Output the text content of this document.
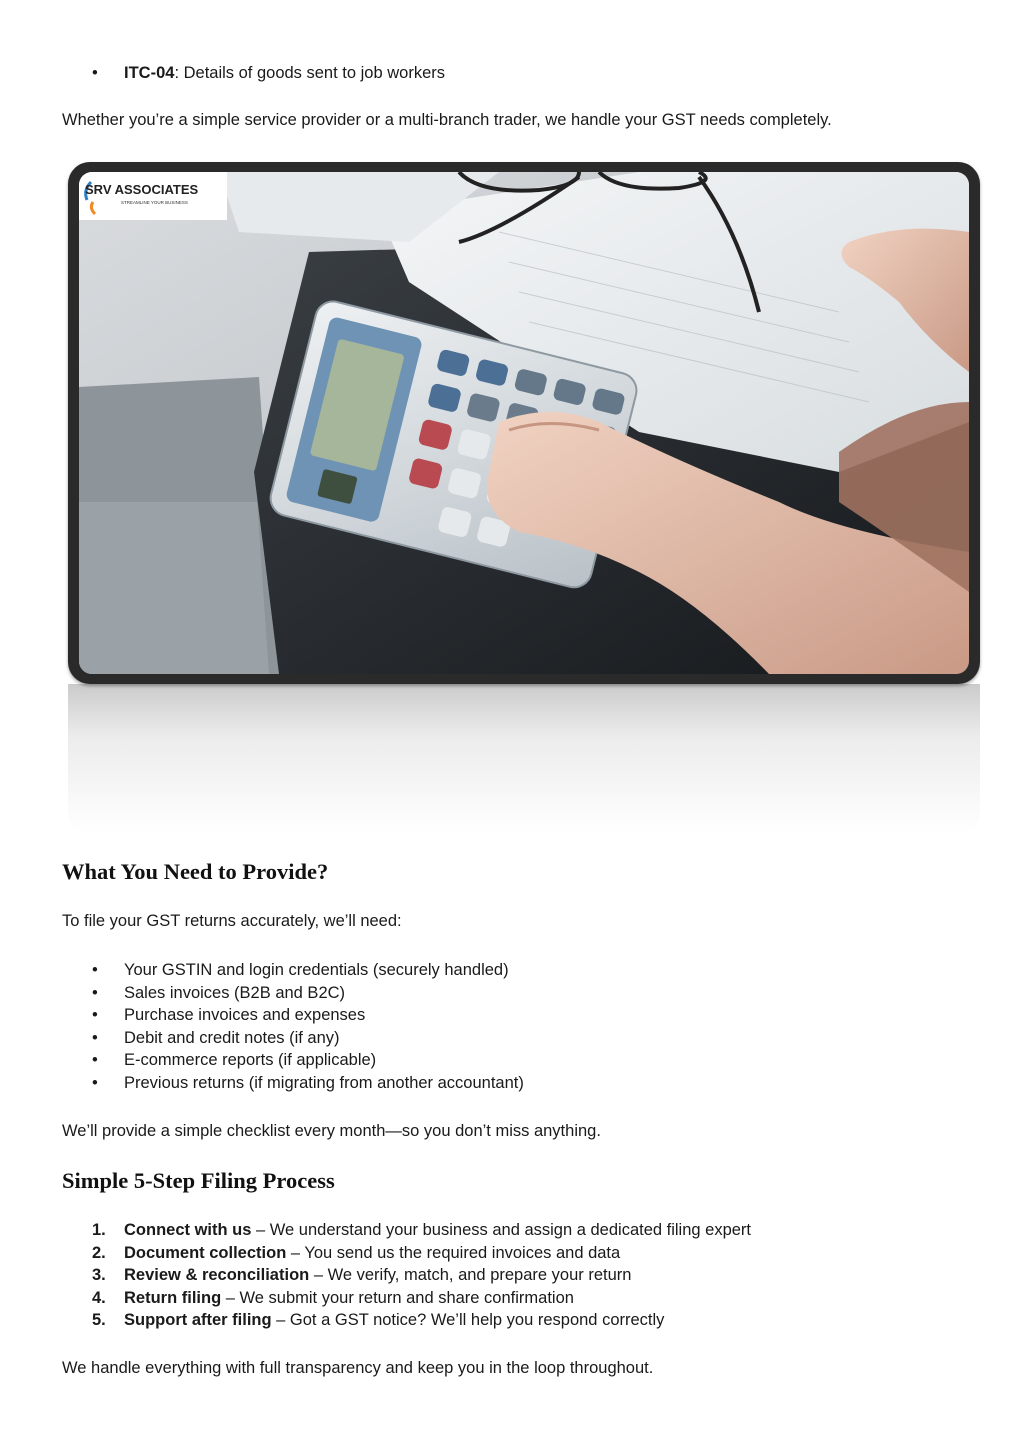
• ITC-04: Details of goods sent to job workers

Whether you’re a simple service provider or a multi-branch trader, we handle your GST needs completely.

SRV ASSOCIATES
STREAMLINE YOUR BUSINESS
What You Need to Provide?

To file your GST returns accurately, we’ll need:

• Your GSTIN and login credentials (securely handled)
• Sales invoices (B2B and B2C)
• Purchase invoices and expenses
• Debit and credit notes (if any)
• E-commerce reports (if applicable)
• Previous returns (if migrating from another accountant)

We’ll provide a simple checklist every month—so you don’t miss anything.

Simple 5-Step Filing Process
1. Connect with us – We understand your business and assign a dedicated filing expert
2. Document collection – You send us the required invoices and data
3. Review & reconciliation – We verify, match, and prepare your return
4. Return filing – We submit your return and share confirmation
5. Support after filing – Got a GST notice? We’ll help you respond correctly

We handle everything with full transparency and keep you in the loop throughout.
